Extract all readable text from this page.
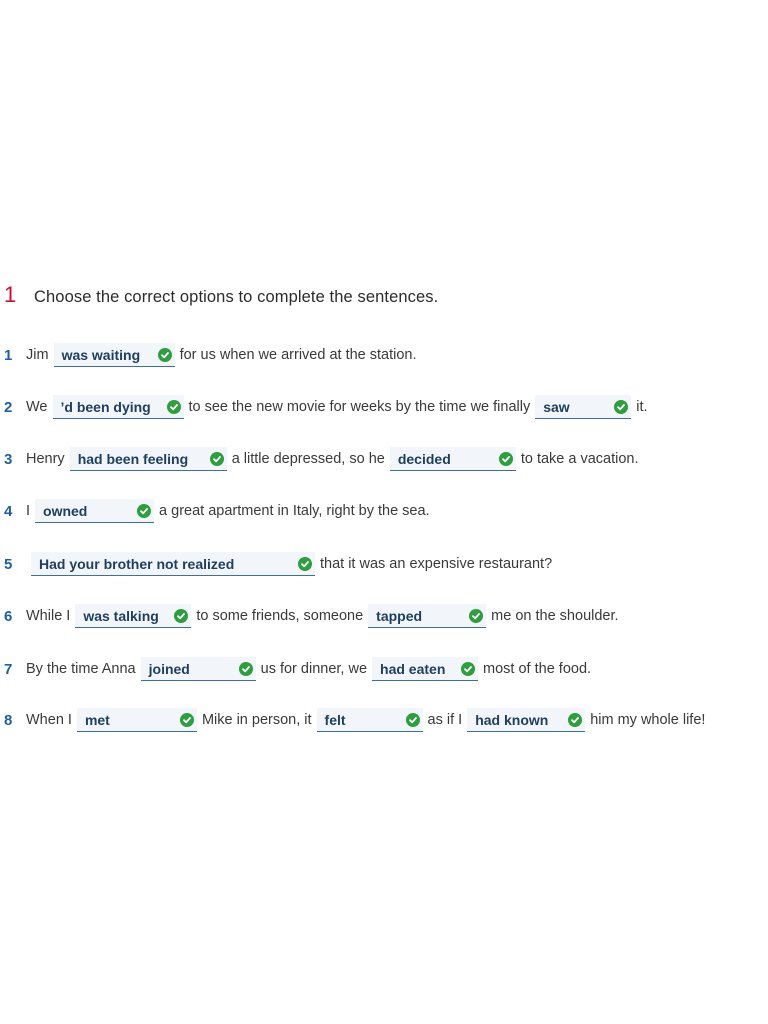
1	Choose the correct options to complete the sentences.
1 Jim was waiting	for us when we arrived at the station.
2 We ’d been dying	to see the new movie for weeks by the time we finally saw	it.
3 Henry had been feeling	a little depressed, so he decided	to take a vacation.
4 I owned	a great apartment in Italy, right by the sea.
5	Had your brother not realized	that it was an expensive restaurant?
6 While I was talking	to some friends, someone tapped	me on the shoulder.
7 By the time Anna joined	us for dinner, we had eaten	most of the food.
8 When I met	Mike in person, it felt	as if I had known	him my whole life!
